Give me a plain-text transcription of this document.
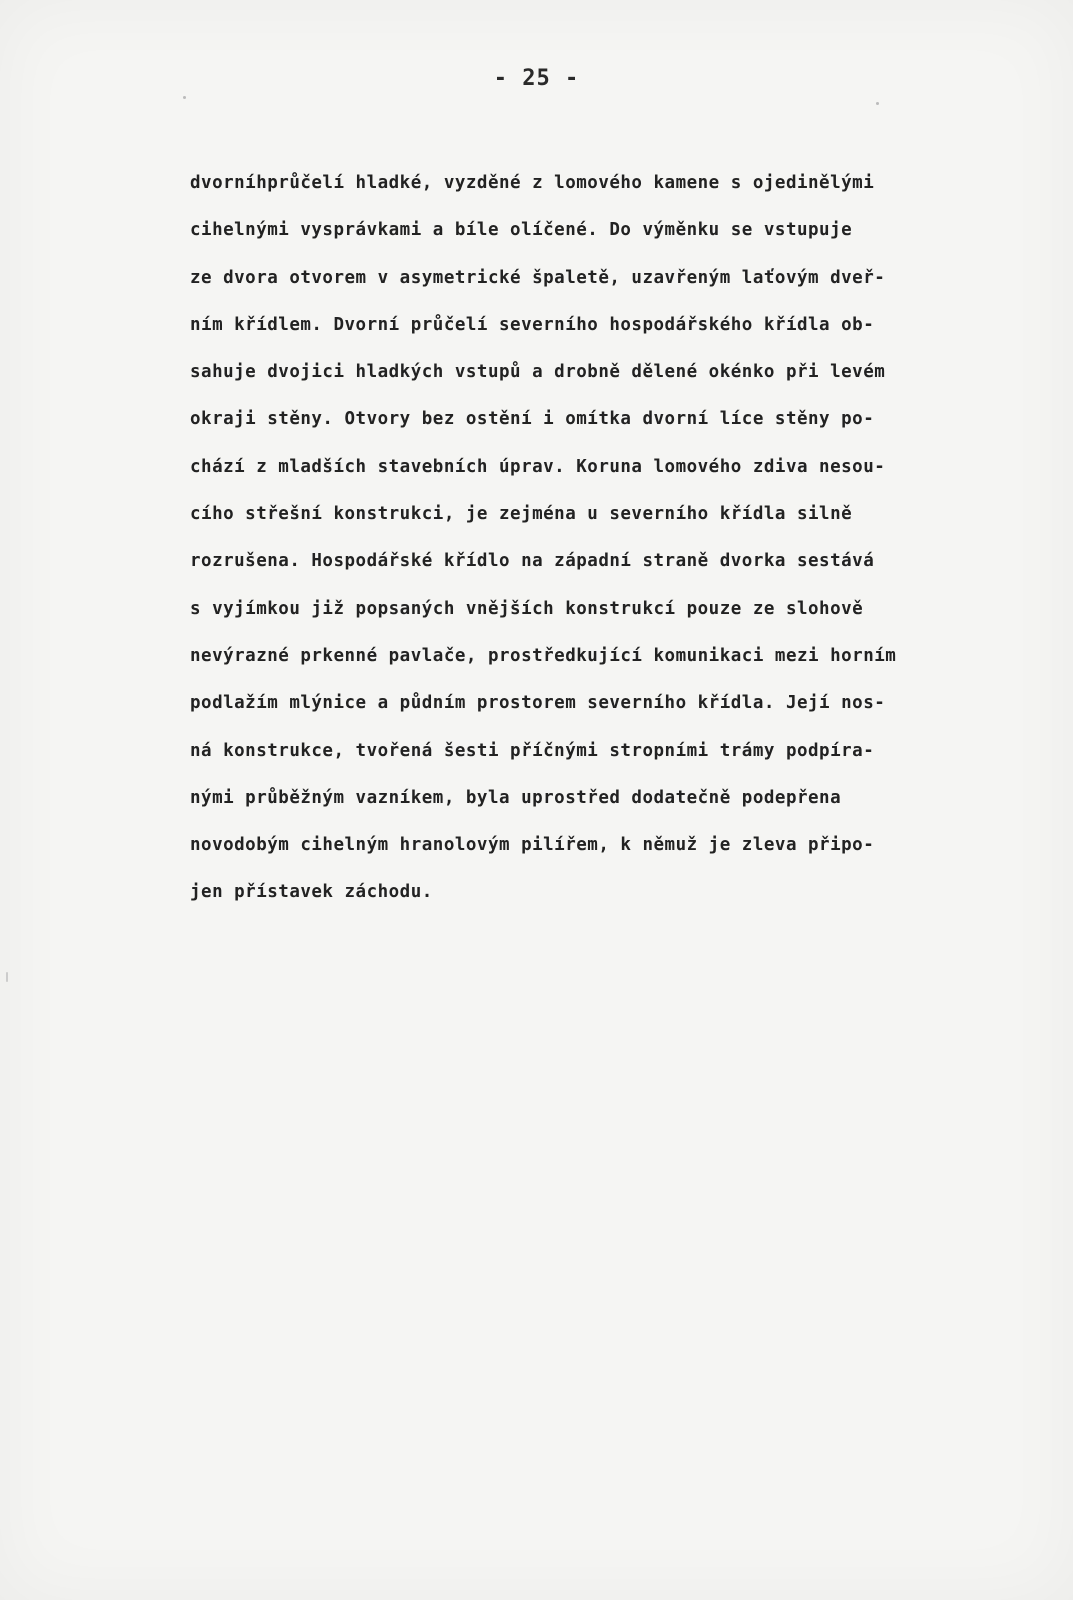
- 25 -
dvorníhprůčelí hladké, vyzděné z lomového kamene s ojedinělými
cihelnými vysprávkami a bíle olíčené. Do výměnku se vstupuje
ze dvora otvorem v asymetrické špaletě, uzavřeným laťovým dveř-
ním křídlem. Dvorní průčelí severního hospodářského křídla ob-
sahuje dvojici hladkých vstupů a drobně dělené okénko při levém
okraji stěny. Otvory bez ostění i omítka dvorní líce stěny po-
chází z mladších stavebních úprav. Koruna lomového zdiva nesou-
cího střešní konstrukci, je zejména u severního křídla silně
rozrušena. Hospodářské křídlo na západní straně dvorka sestává
s vyjímkou již popsaných vnějších konstrukcí pouze ze slohově
nevýrazné prkenné pavlače, prostředkující komunikaci mezi horním
podlažím mlýnice a půdním prostorem severního křídla. Její nos-
ná konstrukce, tvořená šesti příčnými stropními trámy podpíra-
nými průběžným vazníkem, byla uprostřed dodatečně podepřena
novodobým cihelným hranolovým pilířem, k němuž je zleva připo-
jen přístavek záchodu.
